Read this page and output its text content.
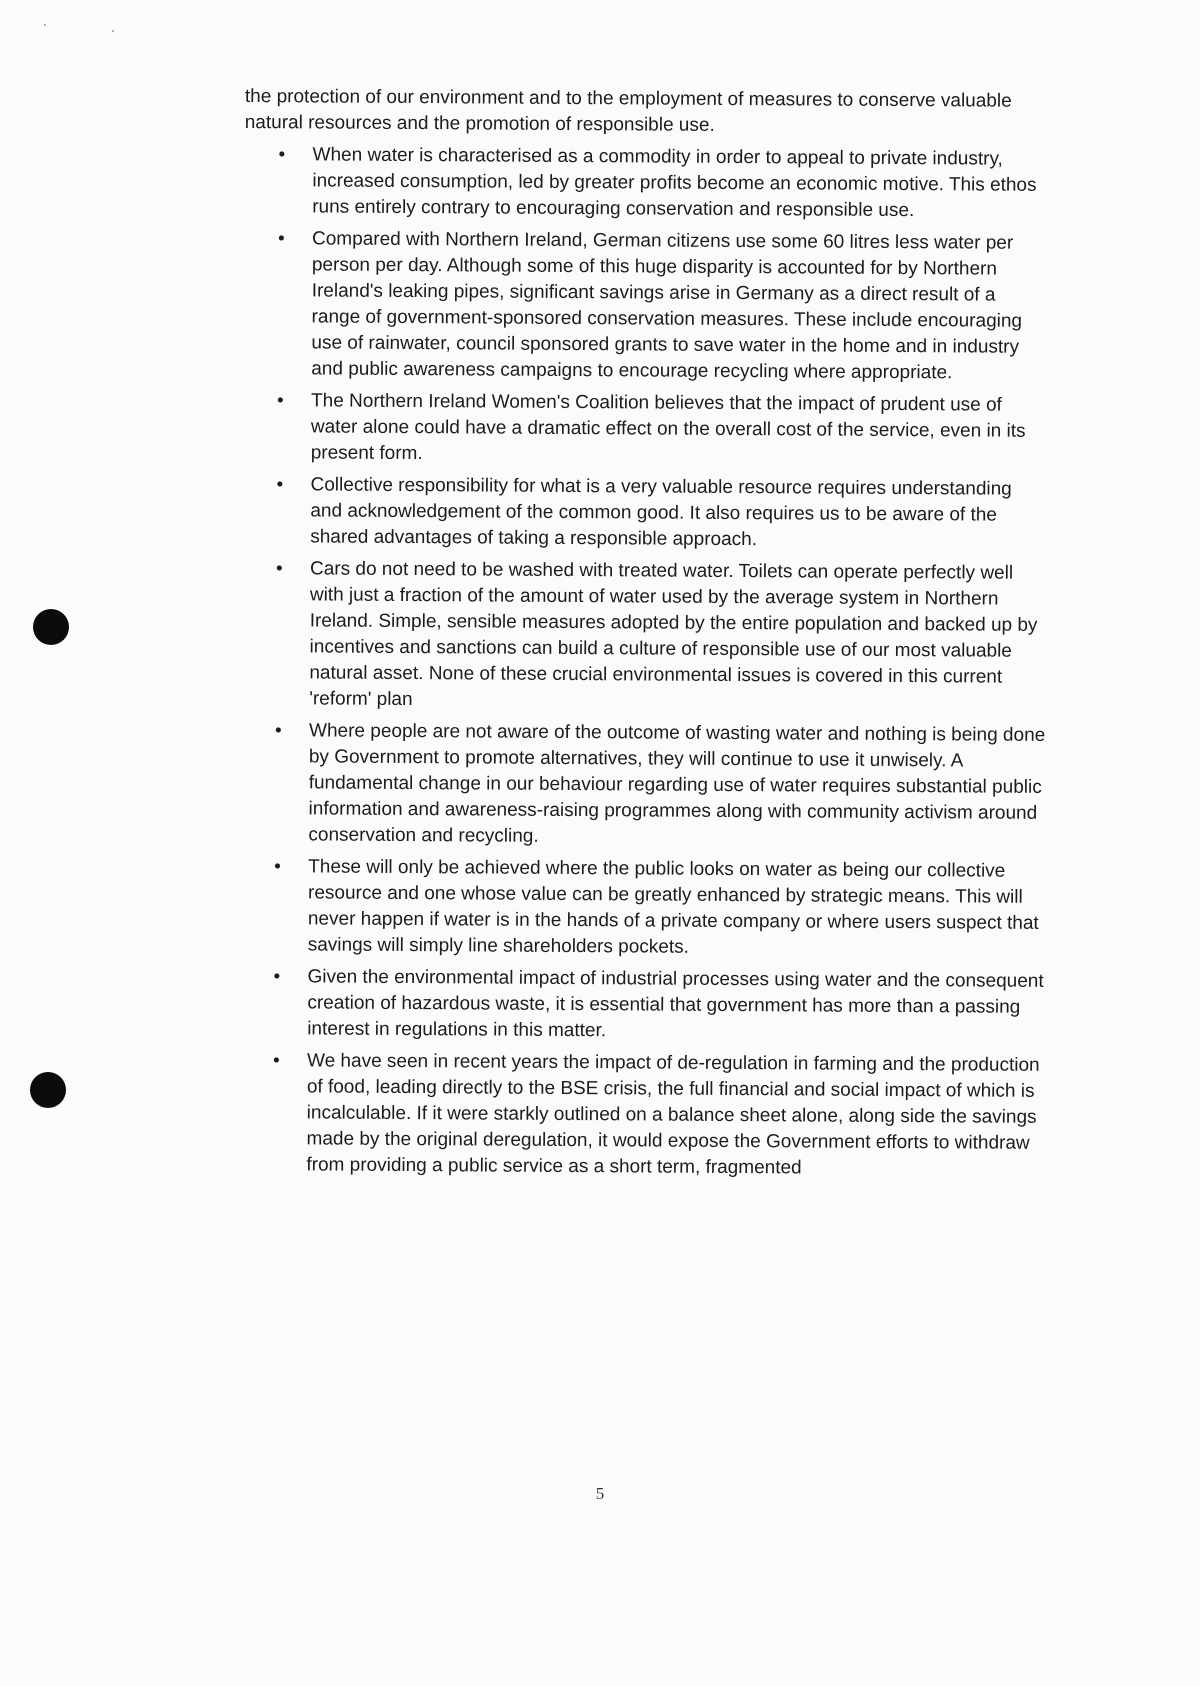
the protection of our environment and to the employment of measures to conserve valuable natural resources and the promotion of responsible use.

• When water is characterised as a commodity in order to appeal to private industry, increased consumption, led by greater profits become an economic motive. This ethos runs entirely contrary to encouraging conservation and responsible use.
• Compared with Northern Ireland, German citizens use some 60 litres less water per person per day. Although some of this huge disparity is accounted for by Northern Ireland's leaking pipes, significant savings arise in Germany as a direct result of a range of government-sponsored conservation measures. These include encouraging use of rainwater, council sponsored grants to save water in the home and in industry and public awareness campaigns to encourage recycling where appropriate.
• The Northern Ireland Women's Coalition believes that the impact of prudent use of water alone could have a dramatic effect on the overall cost of the service, even in its present form.
• Collective responsibility for what is a very valuable resource requires understanding and acknowledgement of the common good. It also requires us to be aware of the shared advantages of taking a responsible approach.
• Cars do not need to be washed with treated water. Toilets can operate perfectly well with just a fraction of the amount of water used by the average system in Northern Ireland. Simple, sensible measures adopted by the entire population and backed up by incentives and sanctions can build a culture of responsible use of our most valuable natural asset. None of these crucial environmental issues is covered in this current 'reform' plan
• Where people are not aware of the outcome of wasting water and nothing is being done by Government to promote alternatives, they will continue to use it unwisely. A fundamental change in our behaviour regarding use of water requires substantial public information and awareness-raising programmes along with community activism around conservation and recycling.
• These will only be achieved where the public looks on water as being our collective resource and one whose value can be greatly enhanced by strategic means. This will never happen if water is in the hands of a private company or where users suspect that savings will simply line shareholders pockets.
• Given the environmental impact of industrial processes using water and the consequent creation of hazardous waste, it is essential that government has more than a passing interest in regulations in this matter.
• We have seen in recent years the impact of de-regulation in farming and the production of food, leading directly to the BSE crisis, the full financial and social impact of which is incalculable. If it were starkly outlined on a balance sheet alone, along side the savings made by the original deregulation, it would expose the Government efforts to withdraw from providing a public service as a short term, fragmented
5
